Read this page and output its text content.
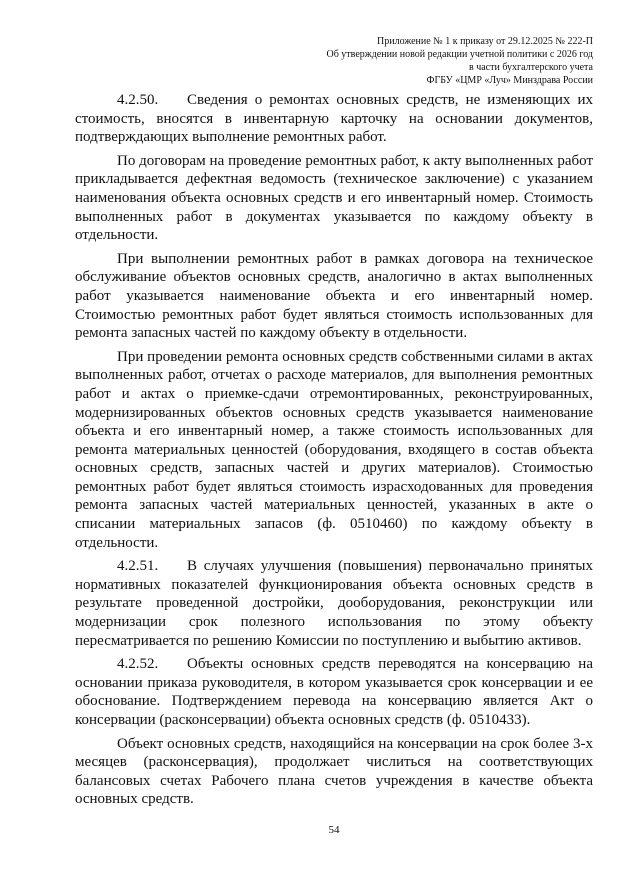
Приложение № 1 к приказу от 29.12.2025 № 222-П
Об утверждении новой редакции учетной политики с 2026 год
в части бухгалтерского учета
ФГБУ «ЦМР «Луч» Минздрава России

4.2.50. Сведения о ремонтах основных средств, не изменяющих их стоимость, вносятся в инвентарную карточку на основании документов, подтверждающих выполнение ремонтных работ.

По договорам на проведение ремонтных работ, к акту выполненных работ прикладывается дефектная ведомость (техническое заключение) с указанием наименования объекта основных средств и его инвентарный номер. Стоимость выполненных работ в документах указывается по каждому объекту в отдельности.

При выполнении ремонтных работ в рамках договора на техническое обслуживание объектов основных средств, аналогично в актах выполненных работ указывается наименование объекта и его инвентарный номер. Стоимостью ремонтных работ будет являться стоимость использованных для ремонта запасных частей по каждому объекту в отдельности.

При проведении ремонта основных средств собственными силами в актах выполненных работ, отчетах о расходе материалов, для выполнения ремонтных работ и актах о приемке-сдачи отремонтированных, реконструированных, модернизированных объектов основных средств указывается наименование объекта и его инвентарный номер, а также стоимость использованных для ремонта материальных ценностей (оборудования, входящего в состав объекта основных средств, запасных частей и других материалов). Стоимостью ремонтных работ будет являться стоимость израсходованных для проведения ремонта запасных частей материальных ценностей, указанных в акте о списании материальных запасов (ф. 0510460) по каждому объекту в отдельности.

4.2.51. В случаях улучшения (повышения) первоначально принятых нормативных показателей функционирования объекта основных средств в результате проведенной достройки, дооборудования, реконструкции или модернизации срок полезного использования по этому объекту пересматривается по решению Комиссии по поступлению и выбытию активов.

4.2.52. Объекты основных средств переводятся на консервацию на основании приказа руководителя, в котором указывается срок консервации и ее обоснование. Подтверждением перевода на консервацию является Акт о консервации (расконсервации) объекта основных средств (ф. 0510433).

Объект основных средств, находящийся на консервации на срок более 3-х месяцев (расконсервация), продолжает числиться на соответствующих балансовых счетах Рабочего плана счетов учреждения в качестве объекта основных средств.

54
